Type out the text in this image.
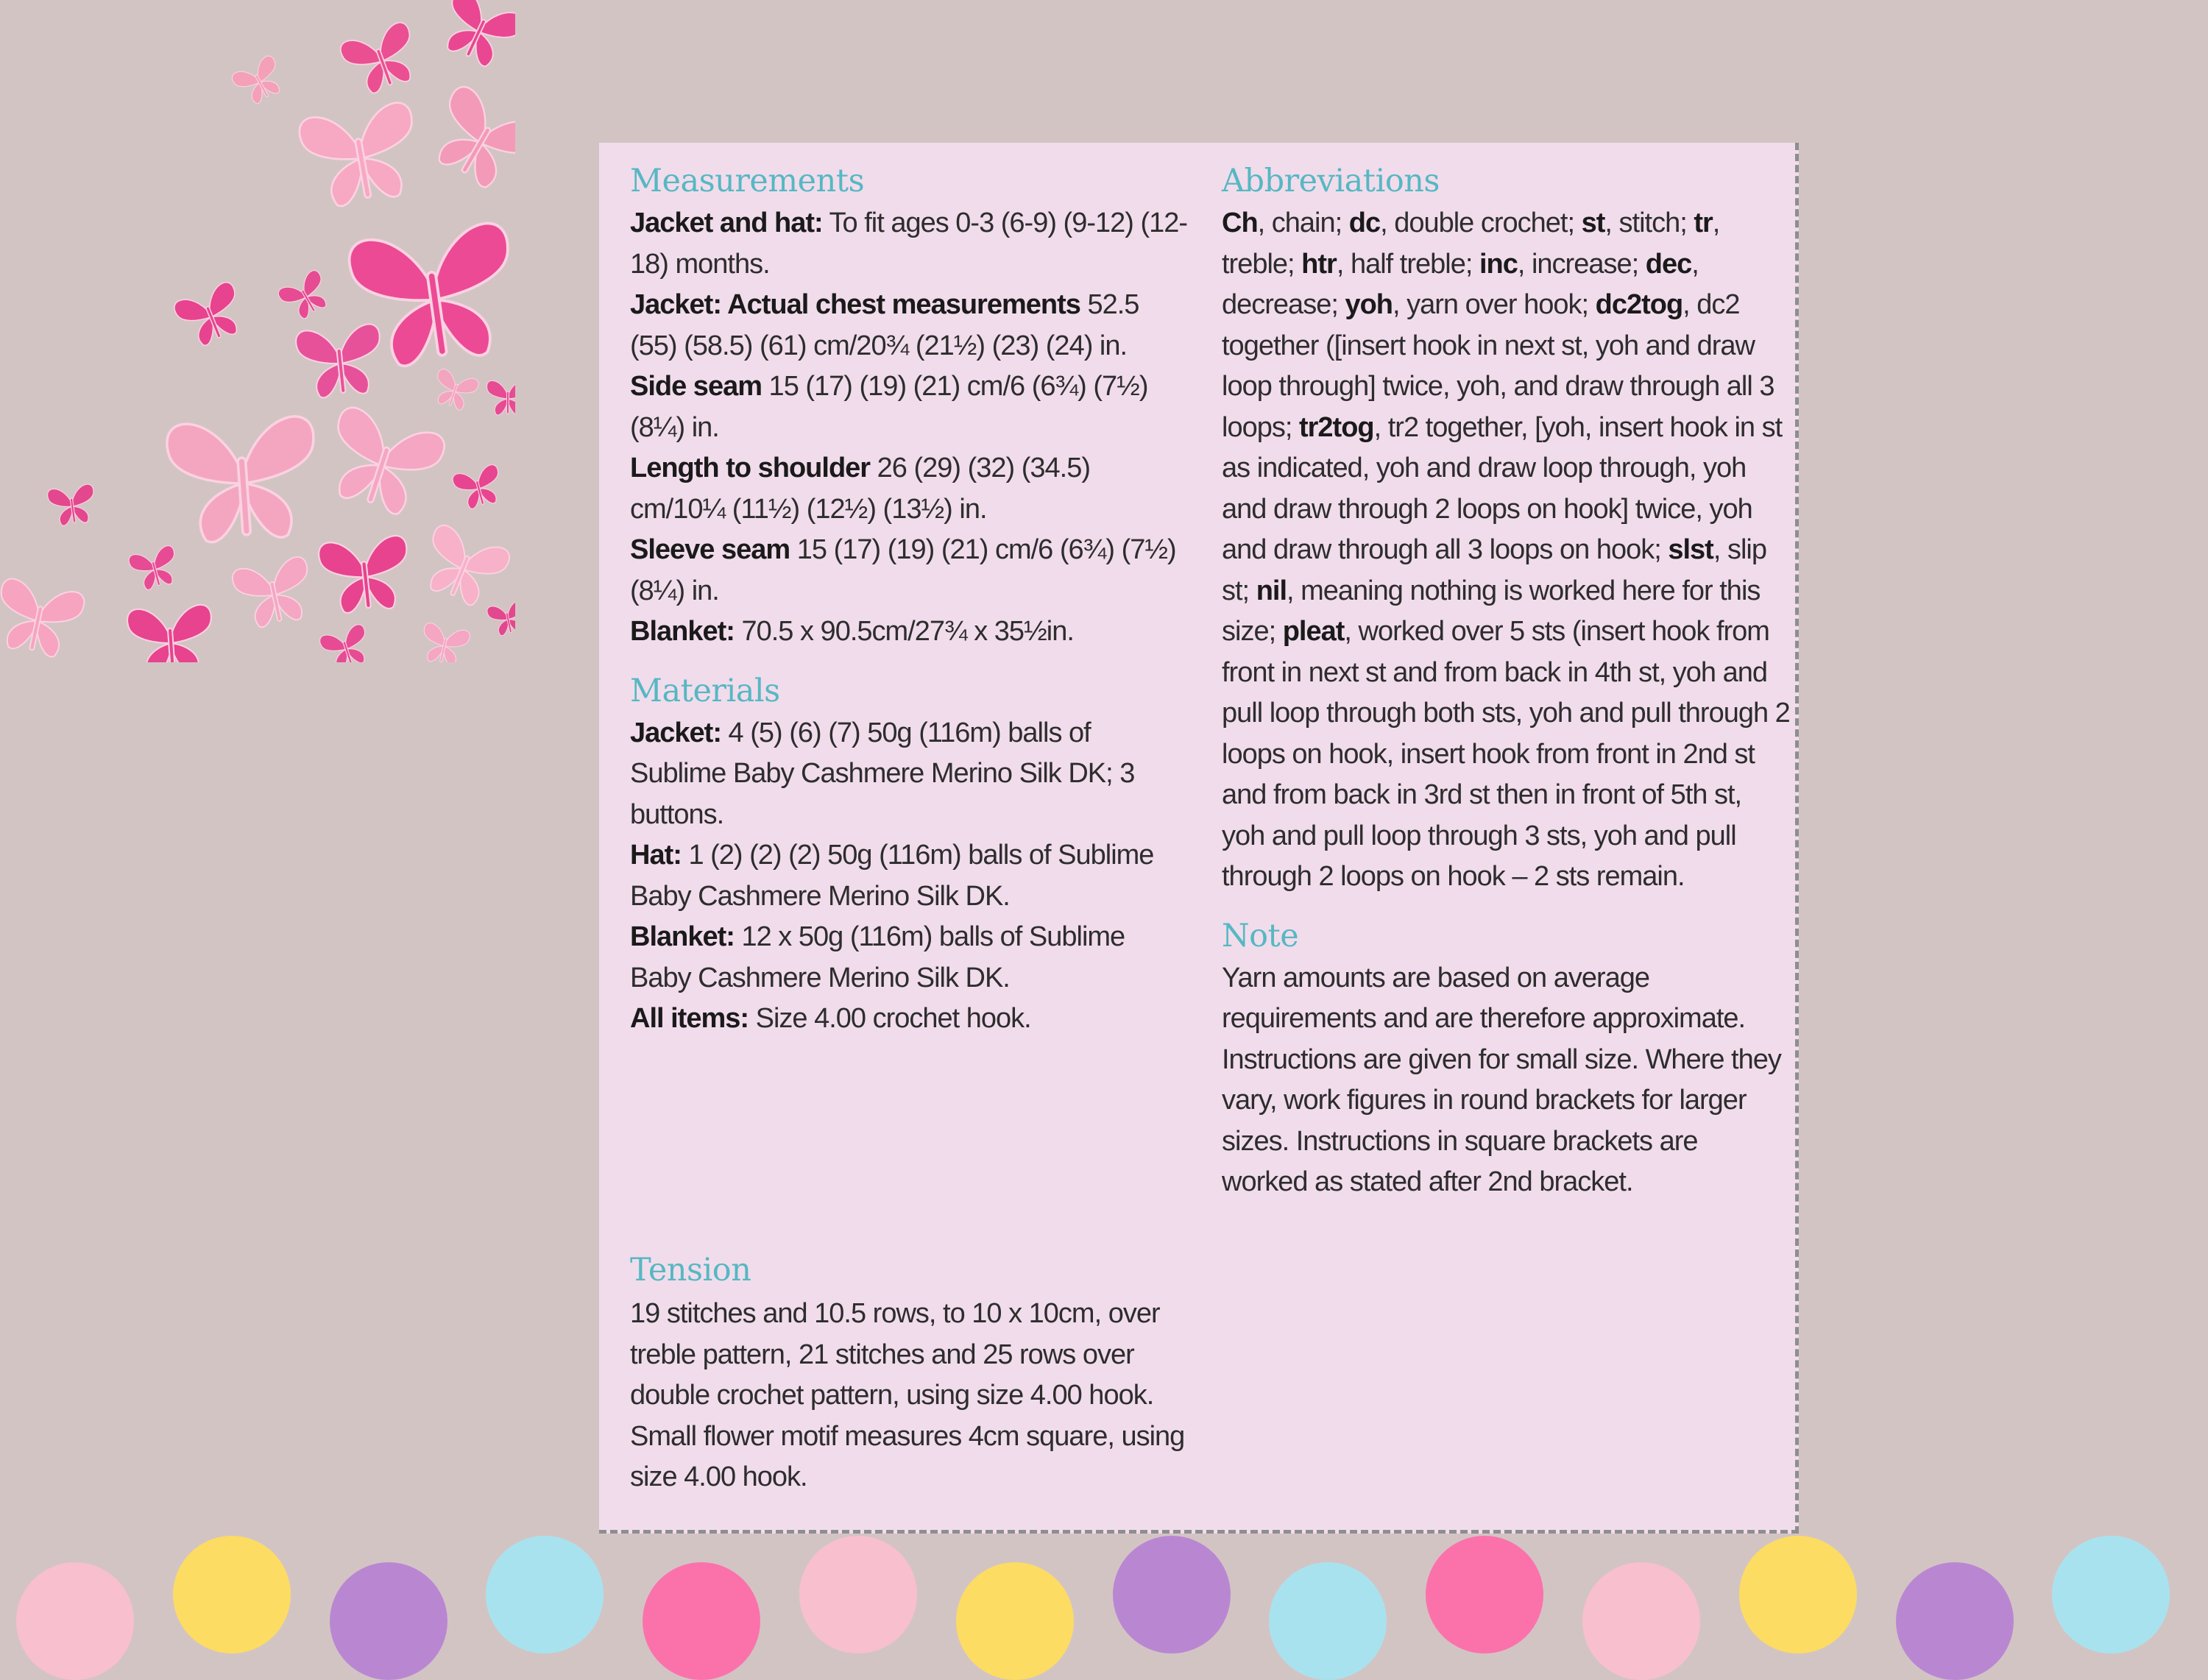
Measurements

Jacket and hat: To fit ages 0-3 (6-9) (9-12) (12-18) months.
Jacket: Actual chest measurements 52.5 (55) (58.5) (61) cm/20¾ (21½) (23) (24) in.
Side seam 15 (17) (19) (21) cm/6 (6¾) (7½) (8¼) in.
Length to shoulder 26 (29) (32) (34.5) cm/10¼ (11½) (12½) (13½) in.
Sleeve seam 15 (17) (19) (21) cm/6 (6¾) (7½) (8¼) in.
Blanket: 70.5 x 90.5cm/27¾ x 35½in.

Materials

Jacket: 4 (5) (6) (7) 50g (116m) balls of Sublime Baby Cashmere Merino Silk DK; 3 buttons.
Hat: 1 (2) (2) (2) 50g (116m) balls of Sublime Baby Cashmere Merino Silk DK.
Blanket: 12 x 50g (116m) balls of Sublime Baby Cashmere Merino Silk DK.
All items: Size 4.00 crochet hook.

Tension

19 stitches and 10.5 rows, to 10 x 10cm, over treble pattern, 21 stitches and 25 rows over double crochet pattern, using size 4.00 hook. Small flower motif measures 4cm square, using size 4.00 hook.

Abbreviations

Ch, chain; dc, double crochet; st, stitch; tr, treble; htr, half treble; inc, increase; dec, decrease; yoh, yarn over hook; dc2tog, dc2 together ([insert hook in next st, yoh and draw loop through] twice, yoh, and draw through all 3 loops; tr2tog, tr2 together, [yoh, insert hook in st as indicated, yoh and draw loop through, yoh and draw through 2 loops on hook] twice, yoh and draw through all 3 loops on hook; slst, slip st; nil, meaning nothing is worked here for this size; pleat, worked over 5 sts (insert hook from front in next st and from back in 4th st, yoh and pull loop through both sts, yoh and pull through 2 loops on hook, insert hook from front in 2nd st and from back in 3rd st then in front of 5th st, yoh and pull loop through 3 sts, yoh and pull through 2 loops on hook – 2 sts remain.

Note

Yarn amounts are based on average requirements and are therefore approximate. Instructions are given for small size. Where they vary, work figures in round brackets for larger sizes. Instructions in square brackets are worked as stated after 2nd bracket.
